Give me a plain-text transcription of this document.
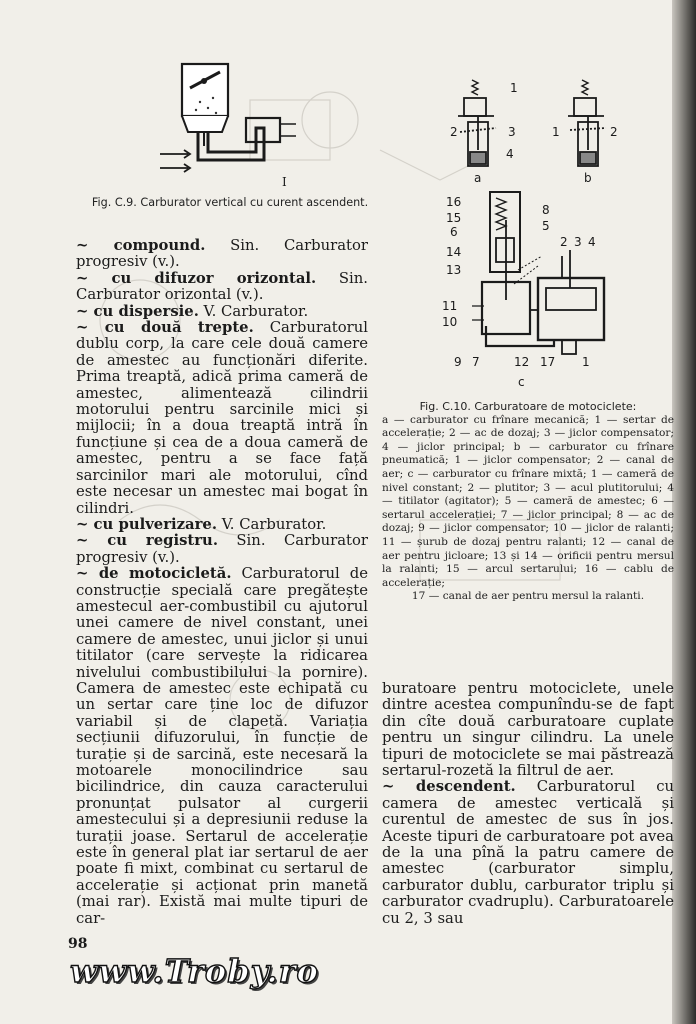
I
Fig. C.9. Carburator vertical cu curent ascendent.
1
2	3
4
a
1	2
b
16
15
6
14
13
11
10
9 7	12 17 1
8
5
2 3 4
c
Fig. C.10. Carburatoare de motociclete:
a — carburator cu frînare mecanică; 1 — sertar de accelerație; 2 — ac de dozaj; 3 — jiclor compensator; 4 — jiclor principal; b — carburator cu frînare pneumatică; 1 — jiclor compensator; 2 — canal de aer; c — carburator cu frînare mixtă; 1 — cameră de nivel constant; 2 — plutitor; 3 — acul plutitorului; 4 — titilator (agitator); 5 — cameră de amestec; 6 — sertarul accelerației; 7 — jiclor principal; 8 — ac de dozaj; 9 — jiclor compensator; 10 — jiclor de ralanti; 11 — șurub de dozaj pentru ralanti; 12 — canal de aer pentru jicloare; 13 și 14 — orificii pentru mersul la ralanti; 15 — arcul sertarului; 16 — cablu de accelerație;
17 — canal de aer pentru mersul la ralanti.

~ compound. Sin. Carburator progresiv (v.).

~ cu difuzor orizontal. Sin. Carburator orizontal (v.).

~ cu dispersie. V. Carburator.

~ cu două trepte. Carburatorul dublu corp, la care cele două camere de amestec au funcționări diferite. Prima treaptă, adică prima cameră de amestec, alimentează cilindrii motorului pentru sarcinile mici și mijlocii; în a doua treaptă intră în funcțiune și cea de a doua cameră de amestec, pentru a se face față sarcinilor mari ale motorului, cînd este necesar un amestec mai bogat în cilindri.

~ cu pulverizare. V. Carburator.

~ cu registru. Sin. Carburator progresiv (v.).

~ de motocicletă. Carburatorul de construcție specială care pregătește amestecul aer-combustibil cu ajutorul unei camere de nivel constant, unei camere de amestec, unui jiclor și unui titilator (care servește la ridicarea nivelului combustibilului la pornire). Camera de amestec este echipată cu un sertar care ține loc de difuzor variabil și de clapetă. Variația secțiunii difuzorului, în funcție de turație și de sarcină, este necesară la motoarele monocilindrice sau bicilindrice, din cauza caracterului pronunțat pulsator al curgerii amestecului și a depresiunii reduse la turații joase. Sertarul de accelerație este în general plat iar sertarul de aer poate fi mixt, combinat cu sertarul de accelerație și acționat prin manetă (mai rar). Există mai multe tipuri de car-

buratoare pentru motociclete, unele dintre acestea compunîndu-se de fapt din cîte două carburatoare cuplate pentru un singur cilindru. La unele tipuri de motociclete se mai păstrează sertarul-rozetă la filtrul de aer.

~ descendent. Carburatorul cu camera de amestec verticală și curentul de amestec de sus în jos. Aceste tipuri de carburatoare pot avea de la una pînă la patru camere de amestec (carburator simplu, carburator dublu, carburator triplu și carburator cvadruplu). Carburatoarele cu 2, 3 sau

98

www.Troby.ro
